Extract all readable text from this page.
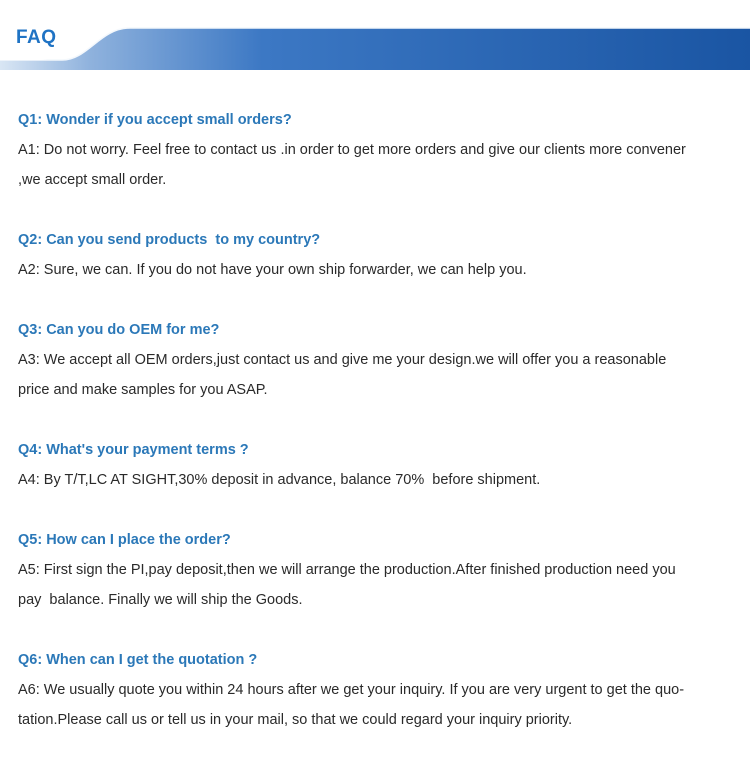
FAQ
Q1: Wonder if you accept small orders?
A1: Do not worry. Feel free to contact us .in order to get more orders and give our clients more convener
,we accept small order.
Q2: Can you send products  to my country?
A2: Sure, we can. If you do not have your own ship forwarder, we can help you.
Q3: Can you do OEM for me?
A3: We accept all OEM orders,just contact us and give me your design.we will offer you a reasonable
price and make samples for you ASAP.
Q4: What's your payment terms ?
A4: By T/T,LC AT SIGHT,30% deposit in advance, balance 70%  before shipment.
Q5: How can I place the order?
A5: First sign the PI,pay deposit,then we will arrange the production.After finished production need you
pay  balance. Finally we will ship the Goods.
Q6: When can I get the quotation ?
A6: We usually quote you within 24 hours after we get your inquiry. If you are very urgent to get the quo-
tation.Please call us or tell us in your mail, so that we could regard your inquiry priority.
